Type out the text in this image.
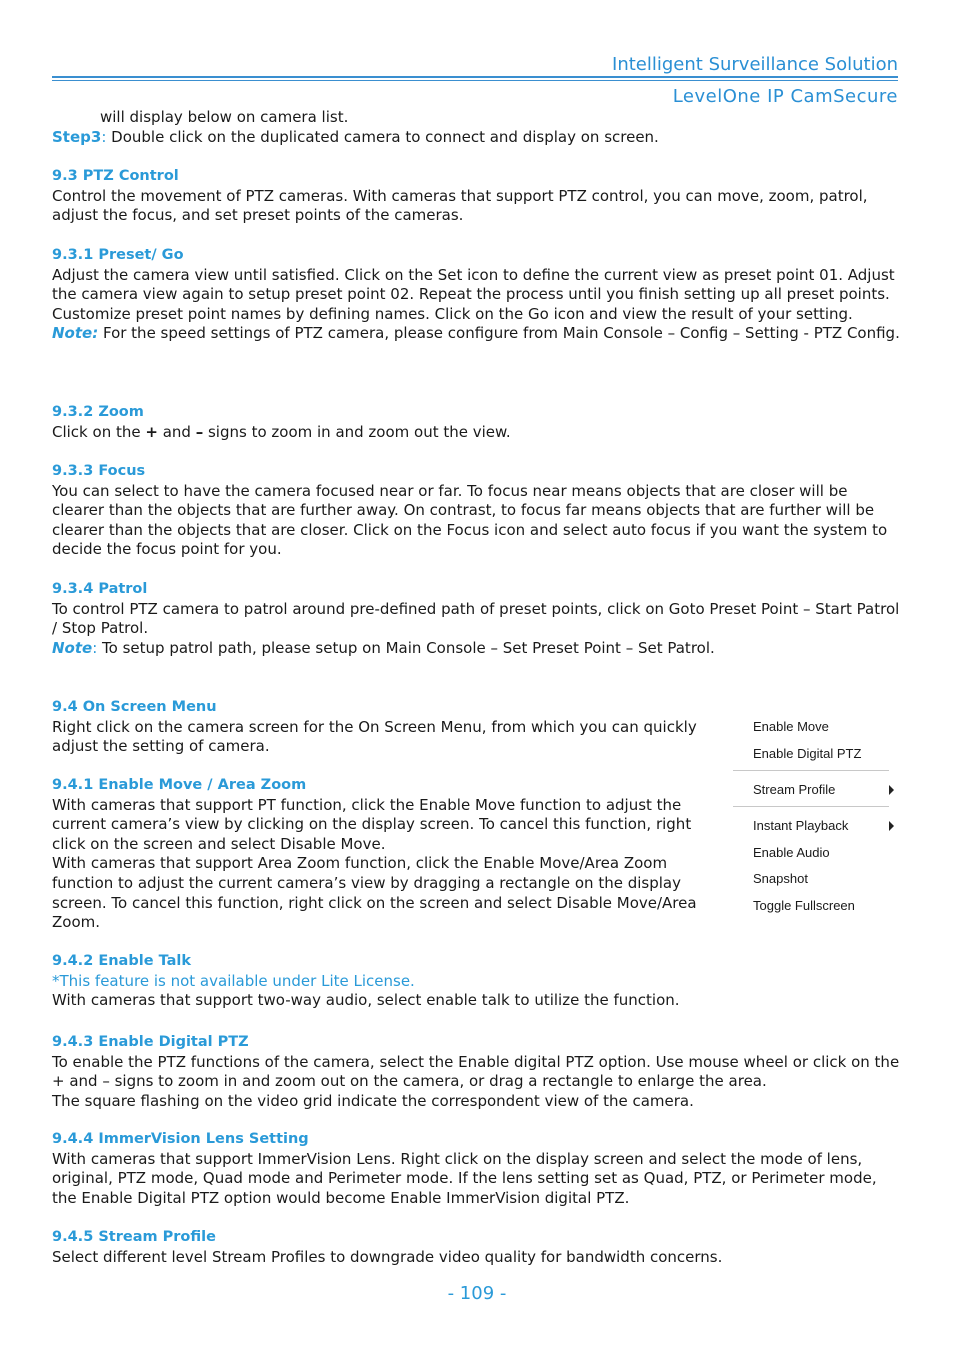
Intelligent Surveillance Solution
LevelOne IP CamSecure
will display below on camera list.
Step3: Double click on the duplicated camera to connect and display on screen.
9.3 PTZ Control
Control the movement of PTZ cameras. With cameras that support PTZ control, you can move, zoom, patrol, adjust the focus, and set preset points of the cameras.
9.3.1 Preset/ Go
Adjust the camera view until satisfied. Click on the Set icon to define the current view as preset point 01. Adjust the camera view again to setup preset point 02. Repeat the process until you finish setting up all preset points. Customize preset point names by defining names. Click on the Go icon and view the result of your setting.
Note: For the speed settings of PTZ camera, please configure from Main Console – Config – Setting - PTZ Config.
9.3.2 Zoom
Click on the + and – signs to zoom in and zoom out the view.
9.3.3 Focus
You can select to have the camera focused near or far. To focus near means objects that are closer will be clearer than the objects that are further away. On contrast, to focus far means objects that are further will be clearer than the objects that are closer. Click on the Focus icon and select auto focus if you want the system to decide the focus point for you.
9.3.4 Patrol
To control PTZ camera to patrol around pre-defined path of preset points, click on Goto Preset Point – Start Patrol / Stop Patrol.
Note: To setup patrol path, please setup on Main Console – Set Preset Point – Set Patrol.
9.4 On Screen Menu
Right click on the camera screen for the On Screen Menu, from which you can quickly adjust the setting of camera.
9.4.1 Enable Move / Area Zoom
With cameras that support PT function, click the Enable Move function to adjust the current camera’s view by clicking on the display screen. To cancel this function, right click on the screen and select Disable Move.
With cameras that support Area Zoom function, click the Enable Move/Area Zoom function to adjust the current camera’s view by dragging a rectangle on the display screen. To cancel this function, right click on the screen and select Disable Move/Area Zoom.
9.4.2 Enable Talk
*This feature is not available under Lite License.
With cameras that support two-way audio, select enable talk to utilize the function.
9.4.3 Enable Digital PTZ
To enable the PTZ functions of the camera, select the Enable digital PTZ option. Use mouse wheel or click on the + and – signs to zoom in and zoom out on the camera, or drag a rectangle to enlarge the area.
The square flashing on the video grid indicate the correspondent view of the camera.
9.4.4 ImmerVision Lens Setting
With cameras that support ImmerVision Lens. Right click on the display screen and select the mode of lens, original, PTZ mode, Quad mode and Perimeter mode. If the lens setting set as Quad, PTZ, or Perimeter mode, the Enable Digital PTZ option would become Enable ImmerVision digital PTZ.
9.4.5 Stream Profile
Select different level Stream Profiles to downgrade video quality for bandwidth concerns.
Enable Move
Enable Digital PTZ
Stream Profile
Instant Playback
Enable Audio
Snapshot
Toggle Fullscreen
- 109 -
